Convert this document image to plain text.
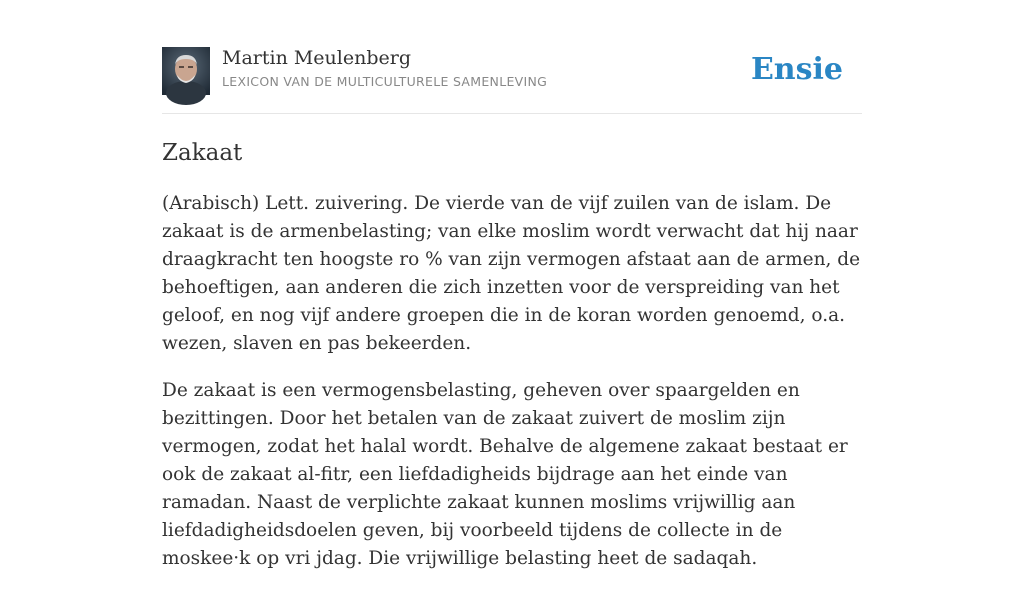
Martin Meulenberg
LEXICON VAN DE MULTICULTURELE SAMENLEVING	Ensie
Zakaat

(Arabisch) Lett. zuivering. De vierde van de vijf zuilen van de islam. De zakaat is de armenbelasting; van elke moslim wordt verwacht dat hij naar draagkracht ten hoogste ro % van zijn vermogen afstaat aan de armen, de behoeftigen, aan anderen die zich inzetten voor de verspreiding van het geloof, en nog vijf andere groepen die in de koran worden genoemd, o.a. wezen, slaven en pas bekeerden.

De zakaat is een vermogensbelasting, geheven over spaargelden en bezittingen. Door het betalen van de zakaat zuivert de moslim zijn vermogen, zodat het halal wordt. Behalve de algemene zakaat bestaat er ook de zakaat al-fitr, een liefdadigheids bijdrage aan het einde van ramadan. Naast de verplichte zakaat kunnen moslims vrijwillig aan liefdadigheidsdoelen geven, bij voorbeeld tijdens de collecte in de moskee·k op vri jdag. Die vrijwillige belasting heet de sadaqah.
